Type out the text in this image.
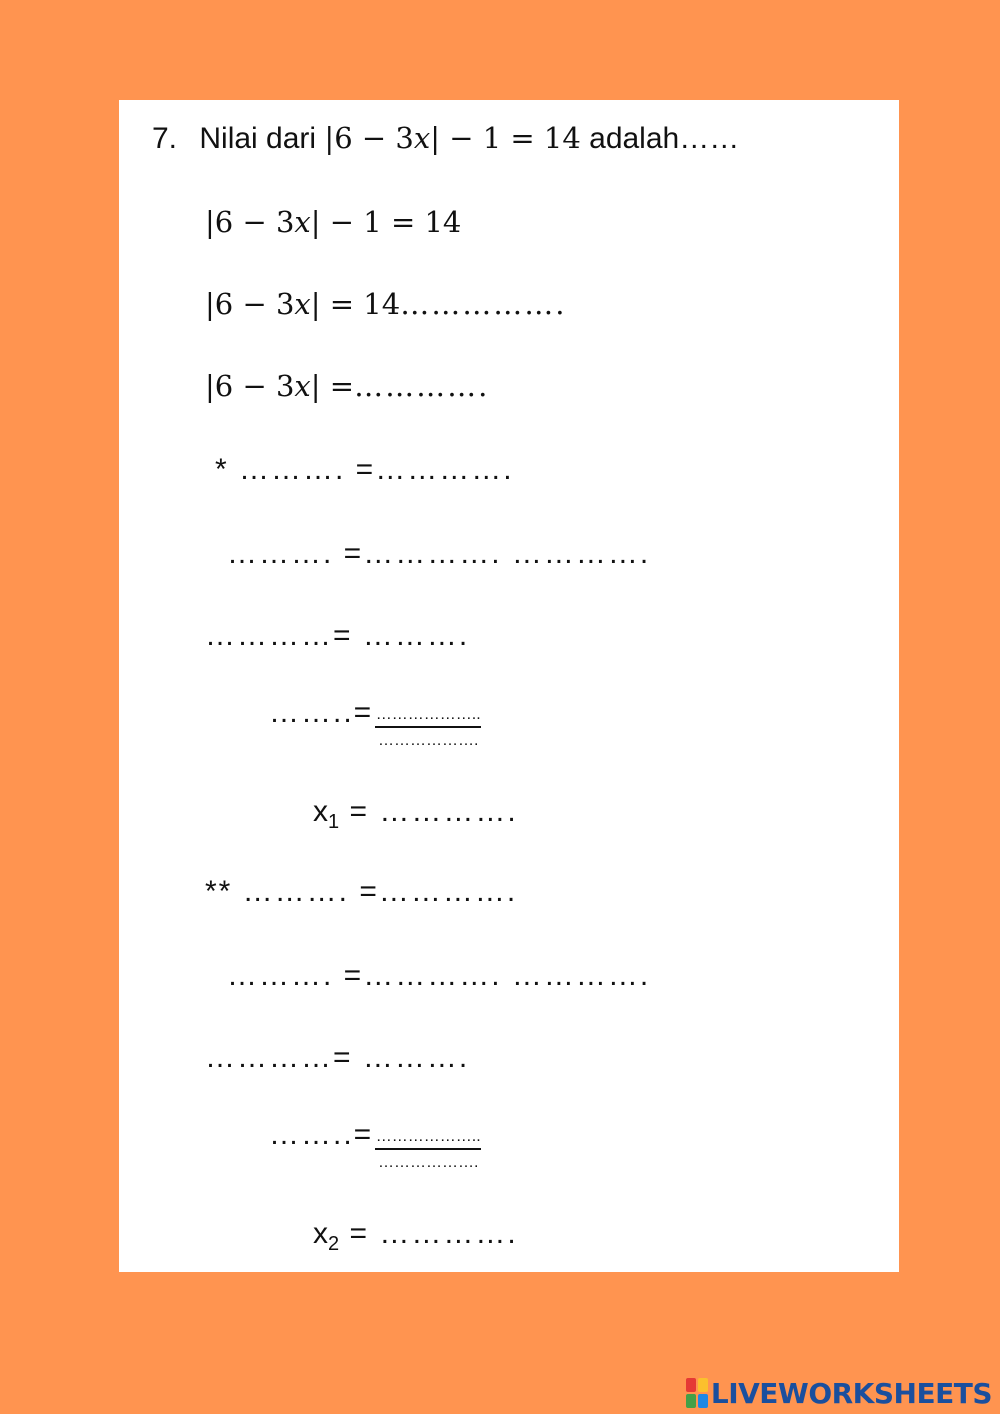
7. Nilai dari |6 − 3x| − 1 = 14 adalah……
|6 − 3x| − 1 = 14
|6 − 3x| = 14…………….
|6 − 3x| =………….
* ………. =………….
………. =…………. ………….
…………= ……….
……..= $\frac{\dots\dots\dots\dots\dots\dots..}{\dots\dots\dots\dots\dots\dots.}$
$x_1$ = ………….
** ………. =………….
………. =…………. ………….
…………= ……….
……..= $\frac{\dots\dots\dots\dots\dots\dots..}{\dots\dots\dots\dots\dots\dots.}$
$x_2$ = ………….
LIVEWORKSHEETS
